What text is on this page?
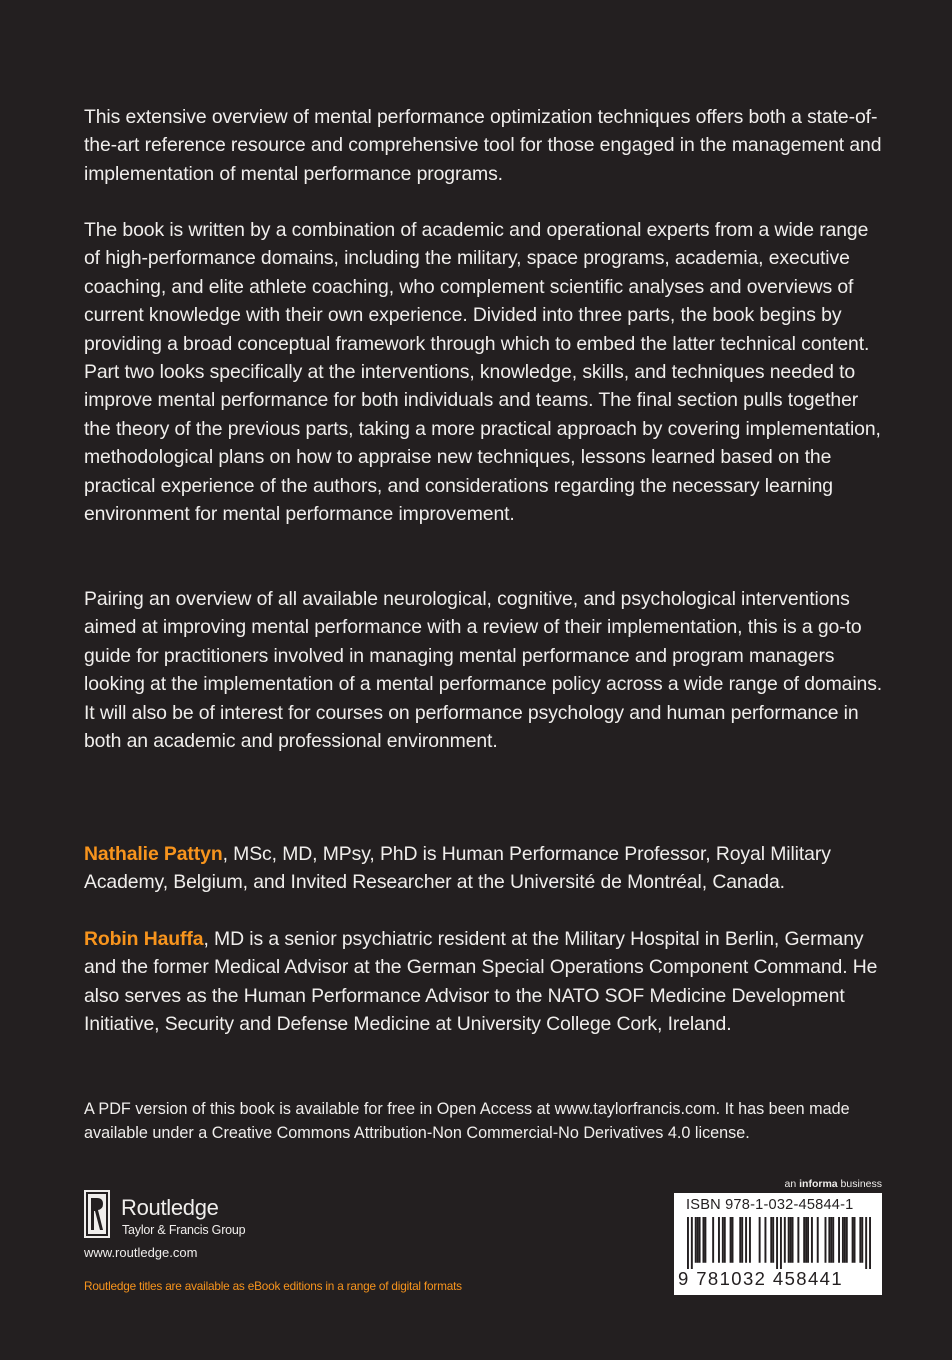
This extensive overview of mental performance optimization techniques offers both a state-of-the-art reference resource and comprehensive tool for those engaged in the management and implementation of mental performance programs.

The book is written by a combination of academic and operational experts from a wide range of high-performance domains, including the military, space programs, academia, executive coaching, and elite athlete coaching, who complement scientific analyses and overviews of current knowledge with their own experience. Divided into three parts, the book begins by providing a broad conceptual framework through which to embed the latter technical content. Part two looks specifically at the interventions, knowledge, skills, and techniques needed to improve mental performance for both individuals and teams. The final section pulls together the theory of the previous parts, taking a more practical approach by covering implementation, methodological plans on how to appraise new techniques, lessons learned based on the practical experience of the authors, and considerations regarding the necessary learning environment for mental performance improvement.

Pairing an overview of all available neurological, cognitive, and psychological interventions aimed at improving mental performance with a review of their implementation, this is a go-to guide for practitioners involved in managing mental performance and program managers looking at the implementation of a mental performance policy across a wide range of domains. It will also be of interest for courses on performance psychology and human performance in both an academic and professional environment.

Nathalie Pattyn, MSc, MD, MPsy, PhD is Human Performance Professor, Royal Military Academy, Belgium, and Invited Researcher at the Université de Montréal, Canada.

Robin Hauffa, MD is a senior psychiatric resident at the Military Hospital in Berlin, Germany and the former Medical Advisor at the German Special Operations Component Command. He also serves as the Human Performance Advisor to the NATO SOF Medicine Development Initiative, Security and Defense Medicine at University College Cork, Ireland.

A PDF version of this book is available for free in Open Access at www.taylorfrancis.com. It has been made available under a Creative Commons Attribution-Non Commercial-No Derivatives 4.0 license.

Routledge
Taylor & Francis Group
www.routledge.com
Routledge titles are available as eBook editions in a range of digital formats
an informa business
ISBN 978-1-032-45844-1
9 781032 458441
